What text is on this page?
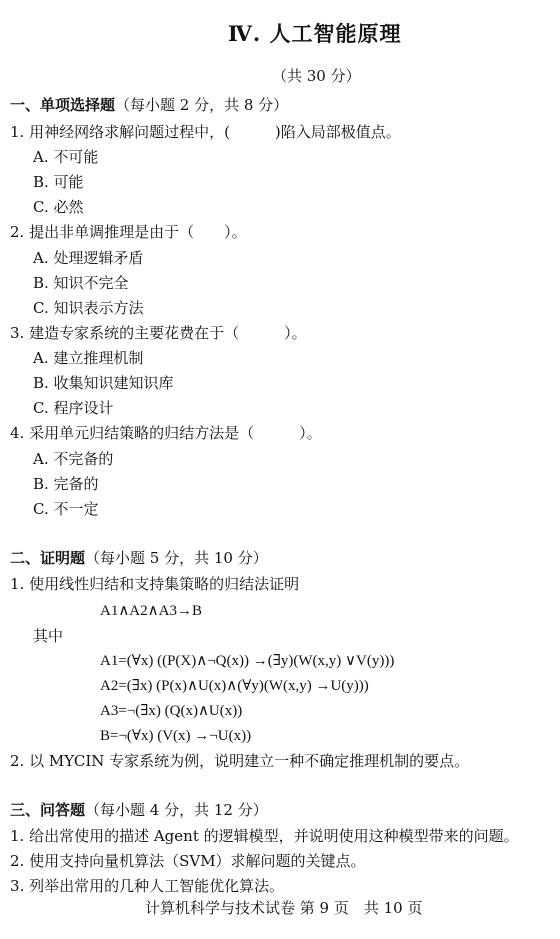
Ⅳ. 人工智能原理
（共 30 分）
一、单项选择题（每小题 2 分，共 8 分）
1. 用神经网络求解问题过程中，(　　　)陷入局部极值点。
A. 不可能
B. 可能
C. 必然
2. 提出非单调推理是由于（　　）。
A. 处理逻辑矛盾
B. 知识不完全
C. 知识表示方法
3. 建造专家系统的主要花费在于（　　　）。
A. 建立推理机制
B. 收集知识建知识库
C. 程序设计
4. 采用单元归结策略的归结方法是（　　　）。
A. 不完备的
B. 完备的
C. 不一定
二、证明题（每小题 5 分，共 10 分）
1. 使用线性归结和支持集策略的归结法证明
A1∧A2∧A3→B
其中
A1=(∀x) ((P(X)∧¬Q(x)) →(∃y)(W(x,y) ∨V(y)))
A2=(∃x) (P(x)∧U(x)∧(∀y)(W(x,y) →U(y)))
A3=¬(∃x) (Q(x)∧U(x))
B=¬(∀x) (V(x) →¬U(x))
2. 以 MYCIN 专家系统为例，说明建立一种不确定推理机制的要点。
三、问答题（每小题 4 分，共 12 分）
1. 给出常使用的描述 Agent 的逻辑模型，并说明使用这种模型带来的问题。
2. 使用支持向量机算法（SVM）求解问题的关键点。
3. 列举出常用的几种人工智能优化算法。
计算机科学与技术试卷 第 9 页　共 10 页
